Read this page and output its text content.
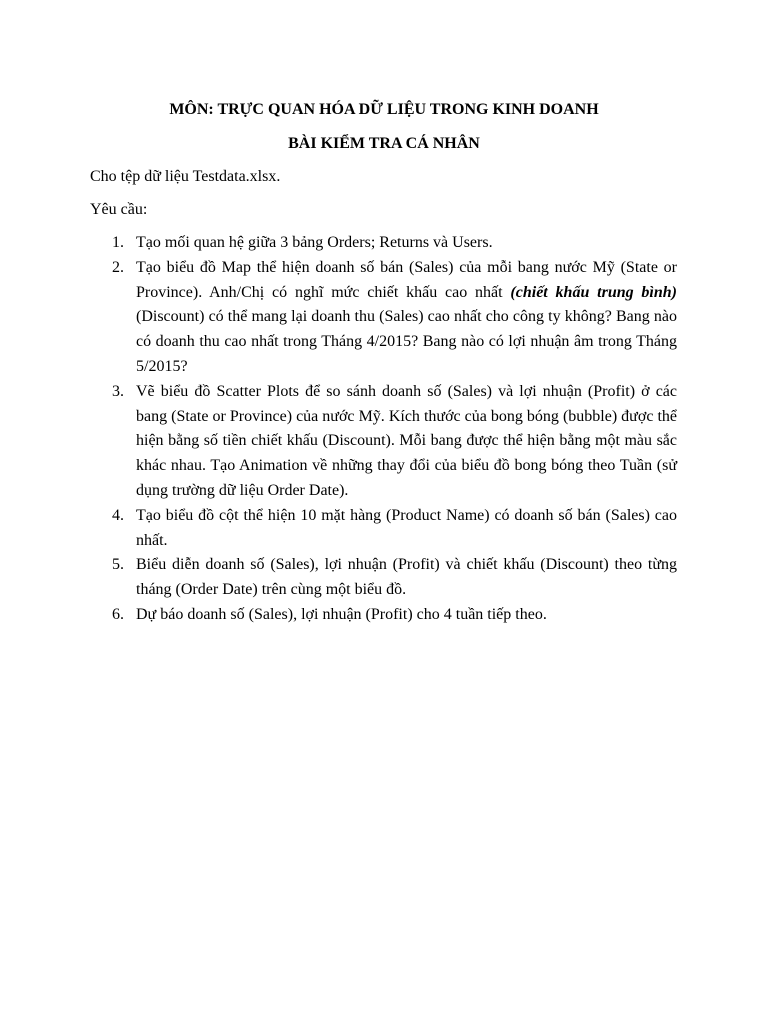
MÔN: TRỰC QUAN HÓA DỮ LIỆU TRONG KINH DOANH
BÀI KIỂM TRA CÁ NHÂN
Cho tệp dữ liệu Testdata.xlsx.
Yêu cầu:
1. Tạo mối quan hệ giữa 3 bảng Orders; Returns và Users.
2. Tạo biểu đồ Map thể hiện doanh số bán (Sales) của mỗi bang nước Mỹ (State or Province). Anh/Chị có nghĩ mức chiết khấu cao nhất (chiết khấu trung bình) (Discount) có thể mang lại doanh thu (Sales) cao nhất cho công ty không? Bang nào có doanh thu cao nhất trong Tháng 4/2015? Bang nào có lợi nhuận âm trong Tháng 5/2015?
3. Vẽ biểu đồ Scatter Plots để so sánh doanh số (Sales) và lợi nhuận (Profit) ở các bang (State or Province) của nước Mỹ. Kích thước của bong bóng (bubble) được thể hiện bằng số tiền chiết khấu (Discount). Mỗi bang được thể hiện bằng một màu sắc khác nhau. Tạo Animation về những thay đổi của biểu đồ bong bóng theo Tuần (sử dụng trường dữ liệu Order Date).
4. Tạo biểu đồ cột thể hiện 10 mặt hàng (Product Name) có doanh số bán (Sales) cao nhất.
5. Biểu diễn doanh số (Sales), lợi nhuận (Profit) và chiết khấu (Discount) theo từng tháng (Order Date) trên cùng một biểu đồ.
6. Dự báo doanh số (Sales), lợi nhuận (Profit) cho 4 tuần tiếp theo.
